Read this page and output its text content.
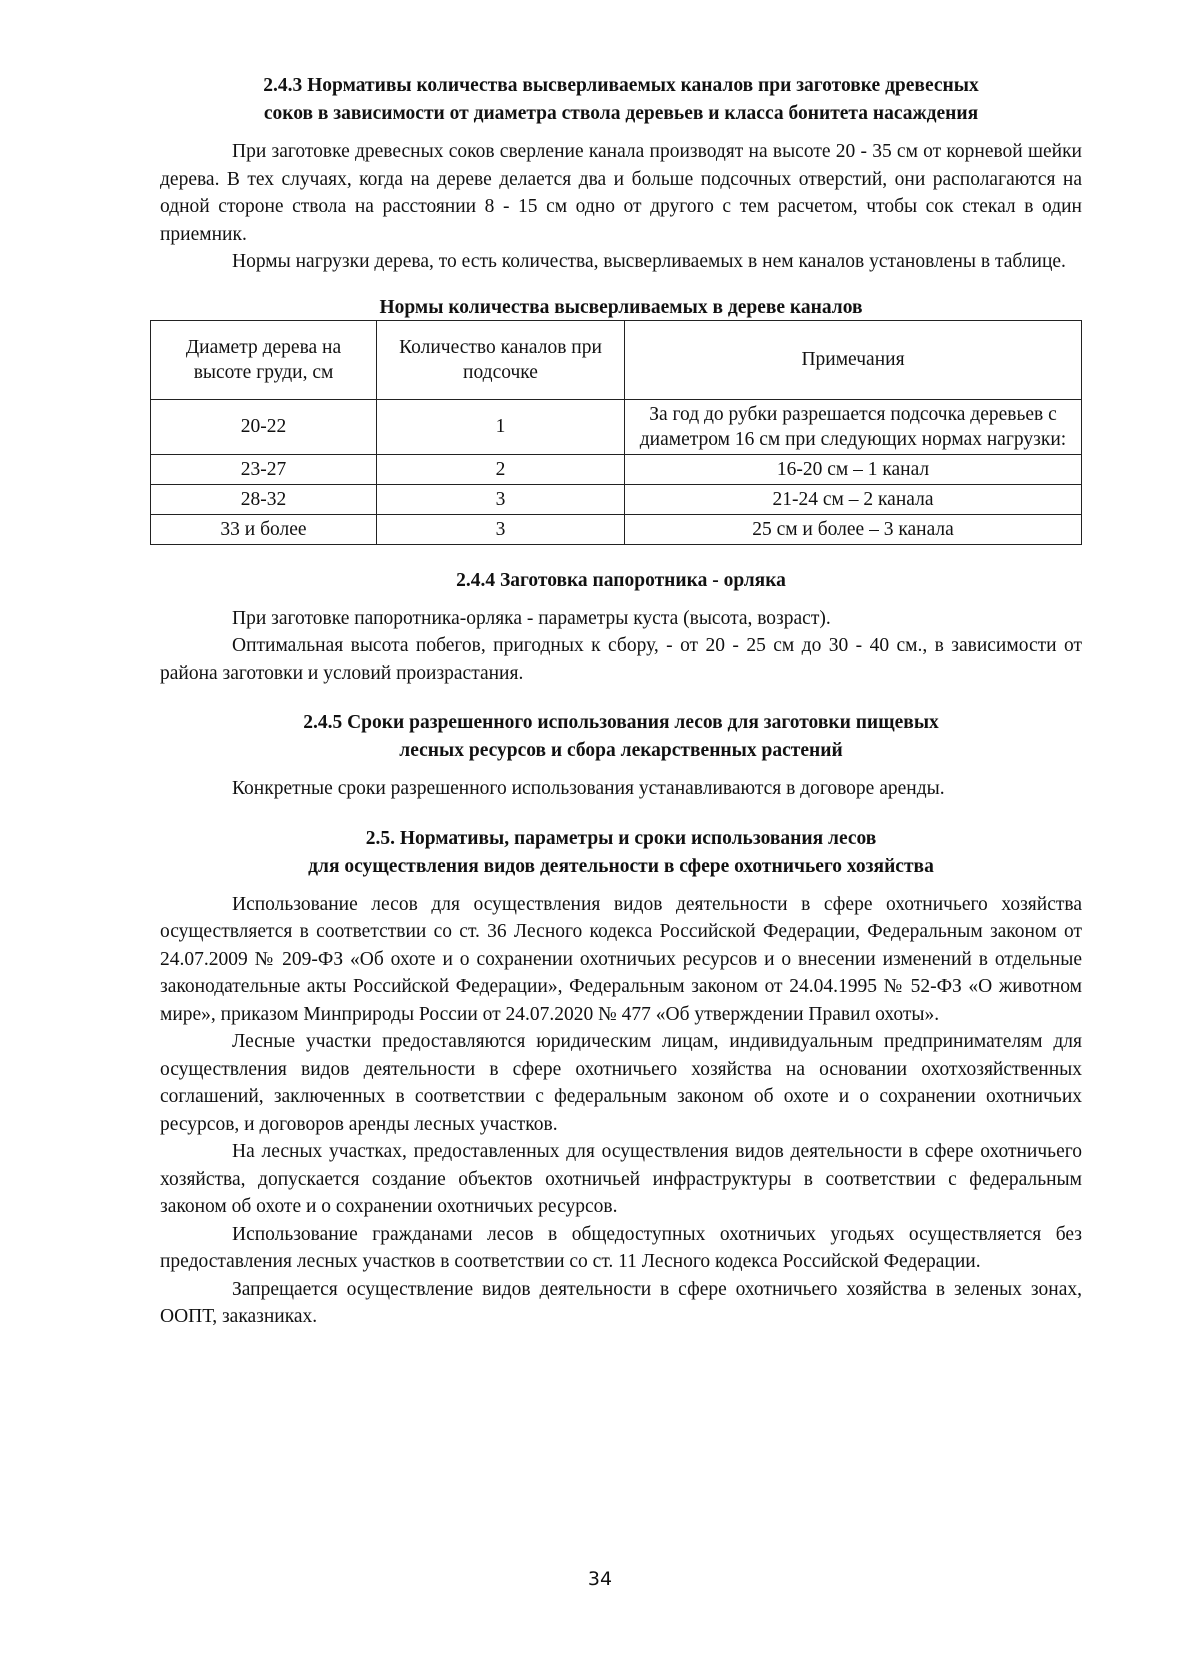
2.4.3 Нормативы количества высверливаемых каналов при заготовке древесных
соков в зависимости от диаметра ствола деревьев и класса бонитета насаждения

При заготовке древесных соков сверление канала производят на высоте 20 - 35 см от корневой шейки дерева. В тех случаях, когда на дереве делается два и больше подсочных отверстий, они располагаются на одной стороне ствола на расстоянии 8 - 15 см одно от другого с тем расчетом, чтобы сок стекал в один приемник.

Нормы нагрузки дерева, то есть количества, высверливаемых в нем каналов установлены в таблице.

Нормы количества высверливаемых в дереве каналов
Диаметр дерева на высоте груди, см	Количество каналов при подсочке	Примечания
20-22	1	За год до рубки разрешается подсочка деревьев с диаметром 16 см при следующих нормах нагрузки:
23-27	2	16-20 см – 1 канал
28-32	3	21-24 см – 2 канала
33 и более	3	25 см и более – 3 канала
2.4.4 Заготовка папоротника - орляка

При заготовке папоротника-орляка - параметры куста (высота, возраст).

Оптимальная высота побегов, пригодных к сбору, - от 20 - 25 см до 30 - 40 см., в зависимости от района заготовки и условий произрастания.

2.4.5 Сроки разрешенного использования лесов для заготовки пищевых
лесных ресурсов и сбора лекарственных растений

Конкретные сроки разрешенного использования устанавливаются в договоре аренды.

2.5. Нормативы, параметры и сроки использования лесов
для осуществления видов деятельности в сфере охотничьего хозяйства

Использование лесов для осуществления видов деятельности в сфере охотничьего хозяйства осуществляется в соответствии со ст. 36 Лесного кодекса Российской Федерации, Федеральным законом от 24.07.2009 № 209-ФЗ «Об охоте и о сохранении охотничьих ресурсов и о внесении изменений в отдельные законодательные акты Российской Федерации», Федеральным законом от 24.04.1995 № 52-ФЗ «О животном мире», приказом Минприроды России от 24.07.2020 № 477 «Об утверждении Правил охоты».

Лесные участки предоставляются юридическим лицам, индивидуальным предпринимателям для осуществления видов деятельности в сфере охотничьего хозяйства на основании охотхозяйственных соглашений, заключенных в соответствии с федеральным законом об охоте и о сохранении охотничьих ресурсов, и договоров аренды лесных участков.

На лесных участках, предоставленных для осуществления видов деятельности в сфере охотничьего хозяйства, допускается создание объектов охотничьей инфраструктуры в соответствии с федеральным законом об охоте и о сохранении охотничьих ресурсов.

Использование гражданами лесов в общедоступных охотничьих угодьях осуществляется без предоставления лесных участков в соответствии со ст. 11 Лесного кодекса Российской Федерации.

Запрещается осуществление видов деятельности в сфере охотничьего хозяйства в зеленых зонах, ООПТ, заказниках.

34
